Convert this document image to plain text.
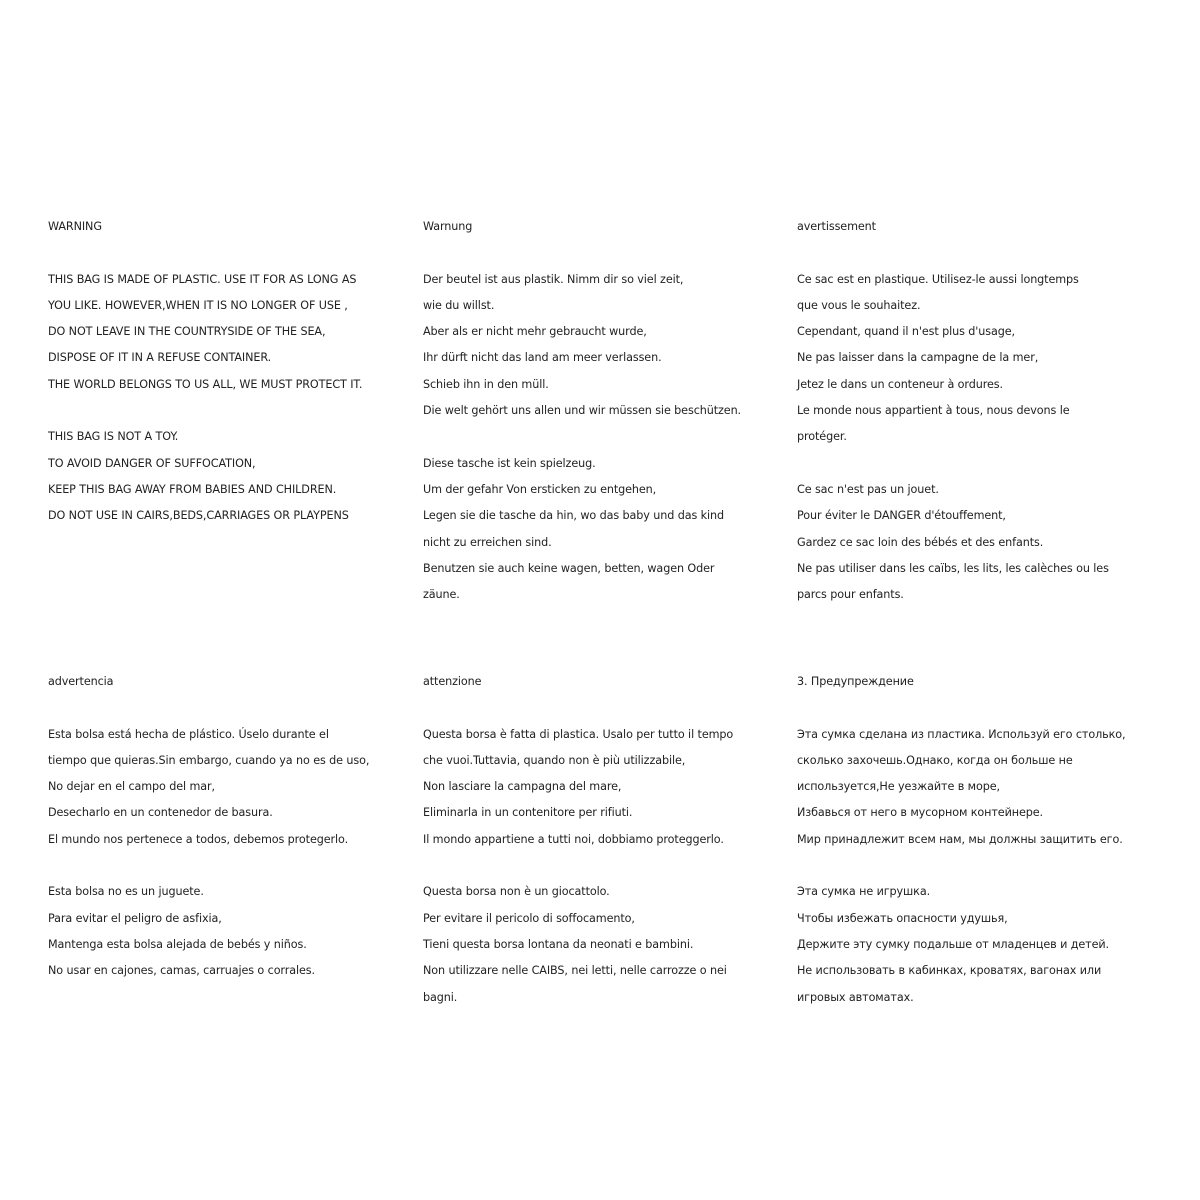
WARNING
THIS BAG IS MADE OF PLASTIC. USE IT FOR AS LONG AS
YOU LIKE. HOWEVER,WHEN IT IS NO LONGER OF USE ,
DO NOT LEAVE IN THE COUNTRYSIDE OF THE SEA,
DISPOSE OF IT IN A REFUSE CONTAINER.
THE WORLD BELONGS TO US ALL, WE MUST PROTECT IT.
THIS BAG IS NOT A TOY.
TO AVOID DANGER OF SUFFOCATION,
KEEP THIS BAG AWAY FROM BABIES AND CHILDREN.
DO NOT USE IN CAIRS,BEDS,CARRIAGES OR PLAYPENS
Warnung
Der beutel ist aus plastik. Nimm dir so viel zeit,
wie du willst.
Aber als er nicht mehr gebraucht wurde,
Ihr dürft nicht das land am meer verlassen.
Schieb ihn in den müll.
Die welt gehört uns allen und wir müssen sie beschützen.
Diese tasche ist kein spielzeug.
Um der gefahr Von ersticken zu entgehen,
Legen sie die tasche da hin, wo das baby und das kind
nicht zu erreichen sind.
Benutzen sie auch keine wagen, betten, wagen Oder
zäune.
avertissement
Ce sac est en plastique. Utilisez-le aussi longtemps
que vous le souhaitez.
Cependant, quand il n'est plus d'usage,
Ne pas laisser dans la campagne de la mer,
Jetez le dans un conteneur à ordures.
Le monde nous appartient à tous, nous devons le
protéger.
Ce sac n'est pas un jouet.
Pour éviter le DANGER d'étouffement,
Gardez ce sac loin des bébés et des enfants.
Ne pas utiliser dans les caïbs, les lits, les calèches ou les
parcs pour enfants.
advertencia
Esta bolsa está hecha de plástico. Úselo durante el
tiempo que quieras.Sin embargo, cuando ya no es de uso,
No dejar en el campo del mar,
Desecharlo en un contenedor de basura.
El mundo nos pertenece a todos, debemos protegerlo.
Esta bolsa no es un juguete.
Para evitar el peligro de asfixia,
Mantenga esta bolsa alejada de bebés y niños.
No usar en cajones, camas, carruajes o corrales.
attenzione
Questa borsa è fatta di plastica. Usalo per tutto il tempo
che vuoi.Tuttavia, quando non è più utilizzabile,
Non lasciare la campagna del mare,
Eliminarla in un contenitore per rifiuti.
Il mondo appartiene a tutti noi, dobbiamo proteggerlo.
Questa borsa non è un giocattolo.
Per evitare il pericolo di soffocamento,
Tieni questa borsa lontana da neonati e bambini.
Non utilizzare nelle CAIBS, nei letti, nelle carrozze o nei
bagni.
3. Предупреждение
Эта сумка сделана из пластика. Используй его столько,
сколько захочешь.Однако, когда он больше не
используется,Не уезжайте в море,
Избавься от него в мусорном контейнере.
Мир принадлежит всем нам, мы должны защитить его.
Эта сумка не игрушка.
Чтобы избежать опасности удушья,
Держите эту сумку подальше от младенцев и детей.
Не использовать в кабинках, кроватях, вагонах или
игровых автоматах.
